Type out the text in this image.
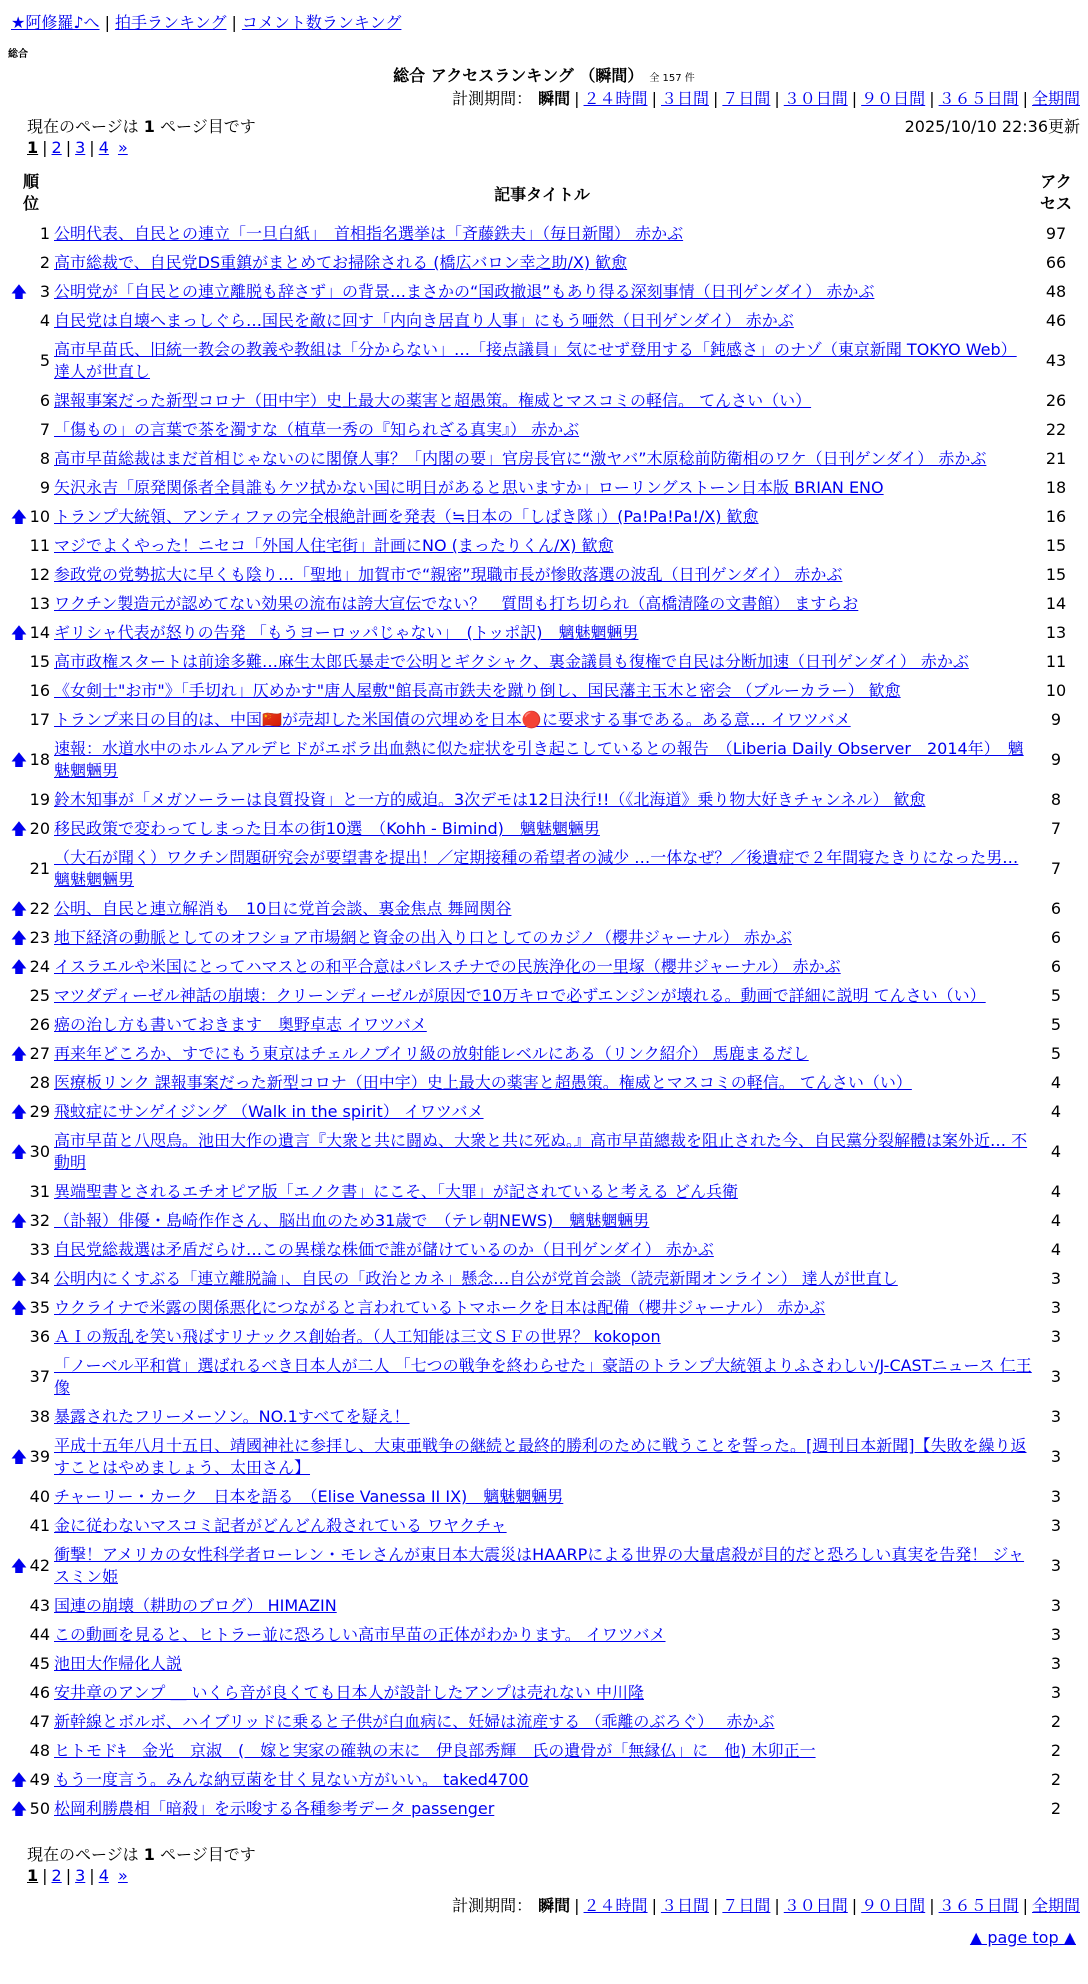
★阿修羅♪へ | 拍手ランキング | コメント数ランキング
総合
総合 アクセスランキング （瞬間） 全 157 件
計測期間： 瞬間 | ２４時間 | ３日間 | ７日間 | ３０日間 | ９０日間 | ３６５日間 | 全期間
現在のページは 1 ページ目です	2025/10/10 22:36更新
1 | 2 | 3 | 4 »
順
位		記事タイトル	アク
セス
	1	公明代表、自民との連立「一旦白紙」　首相指名選挙は「斉藤鉄夫」（毎日新聞） 赤かぶ	97
	2	高市総裁で、自民党DS重鎮がまとめてお掃除される (橋広バロン幸之助/X) 歓愈	66
🡅	3	公明党が「自民との連立離脱も辞さず」の背景…まさかの“国政撤退”もあり得る深刻事情（日刊ゲンダイ） 赤かぶ	48
	4	自民党は自壊へまっしぐら…国民を敵に回す「内向き居直り人事」にもう唖然（日刊ゲンダイ） 赤かぶ	46
	5	高市早苗氏、旧統一教会の教義や教組は「分からない」…「接点議員」気にせず登用する「鈍感さ」のナゾ（東京新聞 TOKYO Web） 達人が世直し	43
	6	課報事案だった新型コロナ（田中宇）史上最大の薬害と超愚策。権威とマスコミの軽信。 てんさい（い）	26
	7	「傷もの」の言葉で茶を濁すな（植草一秀の『知られざる真実』） 赤かぶ	22
	8	高市早苗総裁はまだ首相じゃないのに閣僚人事？「内閣の要」官房長官に“激ヤバ”木原稔前防衛相のワケ（日刊ゲンダイ） 赤かぶ	21
	9	矢沢永吉「原発関係者全員誰もケツ拭かない国に明日があると思いますか」ローリングストーン日本版 BRIAN ENO	18
🡅	10	トランプ大統領、アンティファの完全根絶計画を発表（≒日本の「しばき隊」）(Pa!Pa!Pa!/X) 歓愈	16
	11	マジでよくやった！ニセコ「外国人住宅街」計画にNO (まったりくん/X) 歓愈	15
	12	参政党の党勢拡大に早くも陰り…「聖地」加賀市で“親密”現職市長が惨敗落選の波乱（日刊ゲンダイ） 赤かぶ	15
	13	ワクチン製造元が認めてない効果の流布は誇大宣伝でない？　質問も打ち切られ（高橋清隆の文書館） ますらお	14
🡅	14	ギリシャ代表が怒りの告発 「もうヨーロッパじゃない」　(トッポ訳)　魑魅魍魎男	13
	15	高市政権スタートは前途多難…麻生太郎氏暴走で公明とギクシャク、裏金議員も復権で自民は分断加速（日刊ゲンダイ） 赤かぶ	11
	16	《女剣士"お市"》「手切れ」仄めかす"唐人屋敷"館長高市鉄夫を蹴り倒し、国民藩主玉木と密会 （ブルーカラー） 歓愈	10
	17	トランプ来日の目的は、中国🇨🇳が売却した米国債の穴埋めを日本🔴に要求する事である。ある意… イワツバメ	9
🡅	18	速報：水道水中のホルムアルデヒドがエボラ出血熱に似た症状を引き起こしているとの報告　（Liberia Daily Observer　2014年）　魑魅魍魎男	9
	19	鈴木知事が「メガソーラーは良質投資」と一方的威迫。3次デモは12日決行!!（《北海道》乗り物大好きチャンネル） 歓愈	8
🡅	20	移民政策で変わってしまった日本の街10選　（Kohh - Bimind)　魑魅魍魎男	7
	21	（大石が聞く）ワクチン問題研究会が要望書を提出！／定期接種の希望者の減少 …一体なぜ？／後遺症で２年間寝たきりになった男… 魑魅魍魎男	7
🡅	22	公明、自民と連立解消も　10日に党首会談、裏金焦点 舞岡関谷	6
🡅	23	地下経済の動脈としてのオフショア市場網と資金の出入り口としてのカジノ（櫻井ジャーナル） 赤かぶ	6
🡅	24	イスラエルや米国にとってハマスとの和平合意はパレスチナでの民族浄化の一里塚（櫻井ジャーナル） 赤かぶ	6
	25	マツダディーゼル神話の崩壊：クリーンディーゼルが原因で10万キロで必ずエンジンが壊れる。動画で詳細に説明 てんさい（い）	5
	26	癌の治し方も書いておきます　奥野卓志 イワツバメ	5
🡅	27	再来年どころか、すでにもう東京はチェルノブイリ級の放射能レベルにある（リンク紹介） 馬鹿まるだし	5
	28	医療板リンク 課報事案だった新型コロナ（田中宇）史上最大の薬害と超愚策。権威とマスコミの軽信。 てんさい（い）	4
🡅	29	飛蚊症にサンゲイジング （Walk in the spirit） イワツバメ	4
🡅	30	高市早苗と八咫烏。池田大作の遺言『大衆と共に闘ぬ、大衆と共に死ぬ。』高市早苗總裁を阻止された今、自民黨分裂解體は案外近… 不動明	4
	31	異端聖書とされるエチオピア版「エノク書」にこそ、「大罪」が記されていると考える どん兵衛	4
🡅	32	（訃報）俳優・島崎作作さん、脳出血のため31歳で　（テレ朝NEWS)　魑魅魍魎男	4
	33	自民党総裁選は矛盾だらけ…この異様な株価で誰が儲けているのか（日刊ゲンダイ） 赤かぶ	4
🡅	34	公明内にくすぶる「連立離脱論」、自民の「政治とカネ」懸念…自公が党首会談（読売新聞オンライン） 達人が世直し	3
🡅	35	ウクライナで米露の関係悪化につながると言われているトマホークを日本は配備（櫻井ジャーナル） 赤かぶ	3
	36	ＡＩの叛乱を笑い飛ばすリナックス創始者。（人工知能は三文ＳＦの世界？ kokopon	3
	37	「ノーベル平和賞」選ばれるべき日本人が二人 「七つの戦争を終わらせた」豪語のトランプ大統領よりふさわしい/J-CASTニュース 仁王像	3
	38	暴露されたフリーメーソン。NO.1すべてを疑え！	3
🡅	39	平成十五年八月十五日、靖國神社に参拝し、大東亜戦争の継続と最終的勝利のために戦うことを誓った。[週刊日本新聞]【失敗を繰り返すことはやめましょう、太田さん】	3
	40	チャーリー・カーク　日本を語る　（Elise Vanessa II IX)　魑魅魍魎男	3
	41	金に従わないマスコミ記者がどんどん殺されている ワヤクチャ	3
🡅	42	衝撃！アメリカの女性科学者ローレン・モレさんが東日本大震災はHAARPによる世界の大量虐殺が目的だと恐ろしい真実を告発！ ジャスミン姫	3
	43	国連の崩壊（耕助のブログ） HIMAZIN	3
	44	この動画を見ると、ヒトラー並に恐ろしい高市早苗の正体がわかります。 イワツバメ	3
	45	池田大作帰化人説	3
	46	安井章のアンプ ＿ いくら音が良くても日本人が設計したアンプは売れない 中川隆	3
	47	新幹線とボルボ、ハイブリッドに乗ると子供が白血病に、妊婦は流産する （乖離のぶろぐ）　 赤かぶ	2
	48	ヒトモドｷ　金光　京淑　(　嫁と実家の確執の末に　伊良部秀輝　氏の遺骨が「無縁仏」に　他) 木卯正一	2
🡅	49	もう一度言う。みんな納豆菌を甘く見ない方がいい。 taked4700	2
🡅	50	松岡利勝農相「暗殺」を示唆する各種参考データ passenger	2
現在のページは 1 ページ目です
1 | 2 | 3 | 4 »
計測期間： 瞬間 | ２４時間 | ３日間 | ７日間 | ３０日間 | ９０日間 | ３６５日間 | 全期間
▲ page top ▲
